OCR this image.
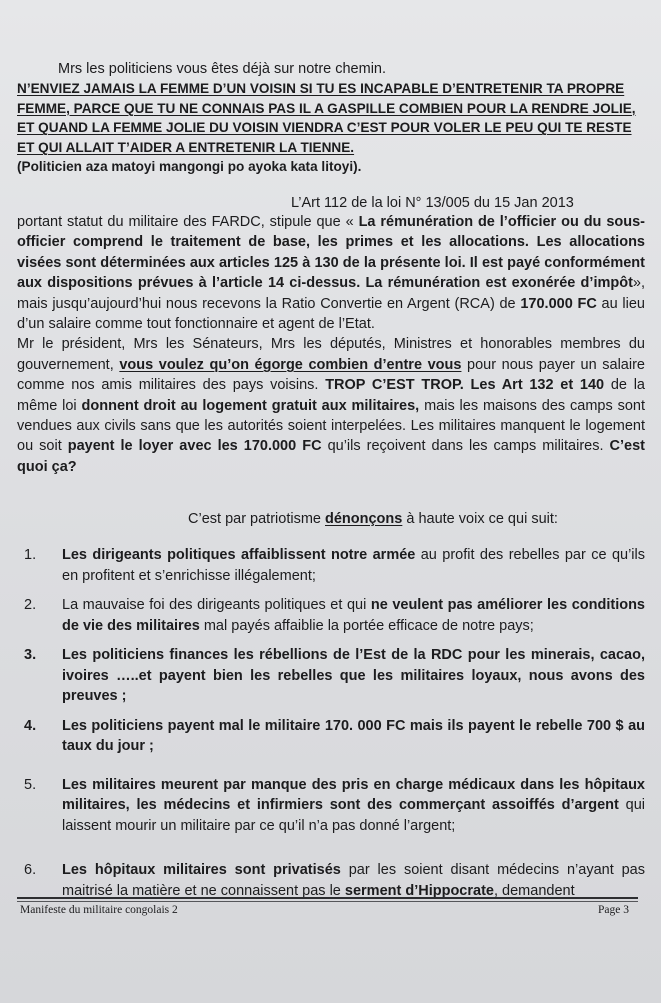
Mrs les politiciens vous êtes déjà sur notre chemin.
N’ENVIEZ JAMAIS LA FEMME D’UN VOISIN SI TU ES INCAPABLE D’ENTRETENIR TA PROPRE
FEMME, PARCE QUE TU NE CONNAIS PAS IL A GASPILLE COMBIEN POUR LA RENDRE JOLIE,
ET QUAND LA FEMME JOLIE DU VOISIN VIENDRA C’EST POUR VOLER LE PEU QUI TE RESTE
ET QUI ALLAIT T’AIDER A ENTRETENIR LA TIENNE.
(Politicien aza matoyi mangongi po ayoka kata litoyi).
L’Art 112 de la loi N° 13/005 du 15 Jan 2013

portant statut du militaire des FARDC, stipule que « La rémunération de l’officier ou du sous-officier comprend le traitement de base, les primes et les allocations. Les allocations visées sont déterminées aux articles 125 à 130 de la présente loi. Il est payé conformément aux dispositions prévues à l’article 14 ci-dessus. La rémunération est exonérée d’impôt», mais jusqu’aujourd’hui nous recevons la Ratio Convertie en Argent (RCA) de 170.000 FC au lieu d’un salaire comme tout fonctionnaire et agent de l’Etat.

Mr le président, Mrs les Sénateurs, Mrs les députés, Ministres et honorables membres du gouvernement, vous voulez qu’on égorge combien d’entre vous pour nous payer un salaire comme nos amis militaires des pays voisins. TROP C’EST TROP. Les Art 132 et 140 de la même loi donnent droit au logement gratuit aux militaires, mais les maisons des camps sont vendues aux civils sans que les autorités soient interpelées. Les militaires manquent le logement ou soit payent le loyer avec les 170.000 FC qu’ils reçoivent dans les camps militaires. C’est quoi ça?

C’est par patriotisme dénonçons à haute voix ce qui suit:
1. Les dirigeants politiques affaiblissent notre armée au profit des rebelles par ce qu’ils en profitent et s’enrichisse illégalement;
2. La mauvaise foi des dirigeants politiques et qui ne veulent pas améliorer les conditions de vie des militaires mal payés affaiblie la portée efficace de notre pays;
3. Les politiciens finances les rébellions de l’Est de la RDC pour les minerais, cacao, ivoires …..et payent bien les rebelles que les militaires loyaux, nous avons des preuves ;
4. Les politiciens payent mal le militaire 170. 000 FC mais ils payent le rebelle 700 $ au taux du jour ;
5. Les militaires meurent par manque des pris en charge médicaux dans les hôpitaux militaires, les médecins et infirmiers sont des commerçant assoiffés d’argent qui laissent mourir un militaire par ce qu’il n’a pas donné l’argent;
6. Les hôpitaux militaires sont privatisés par les soient disant médecins n’ayant pas maitrisé la matière et ne connaissent pas le serment d’Hippocrate, demandent
Manifeste du militaire congolais 2	Page 3
